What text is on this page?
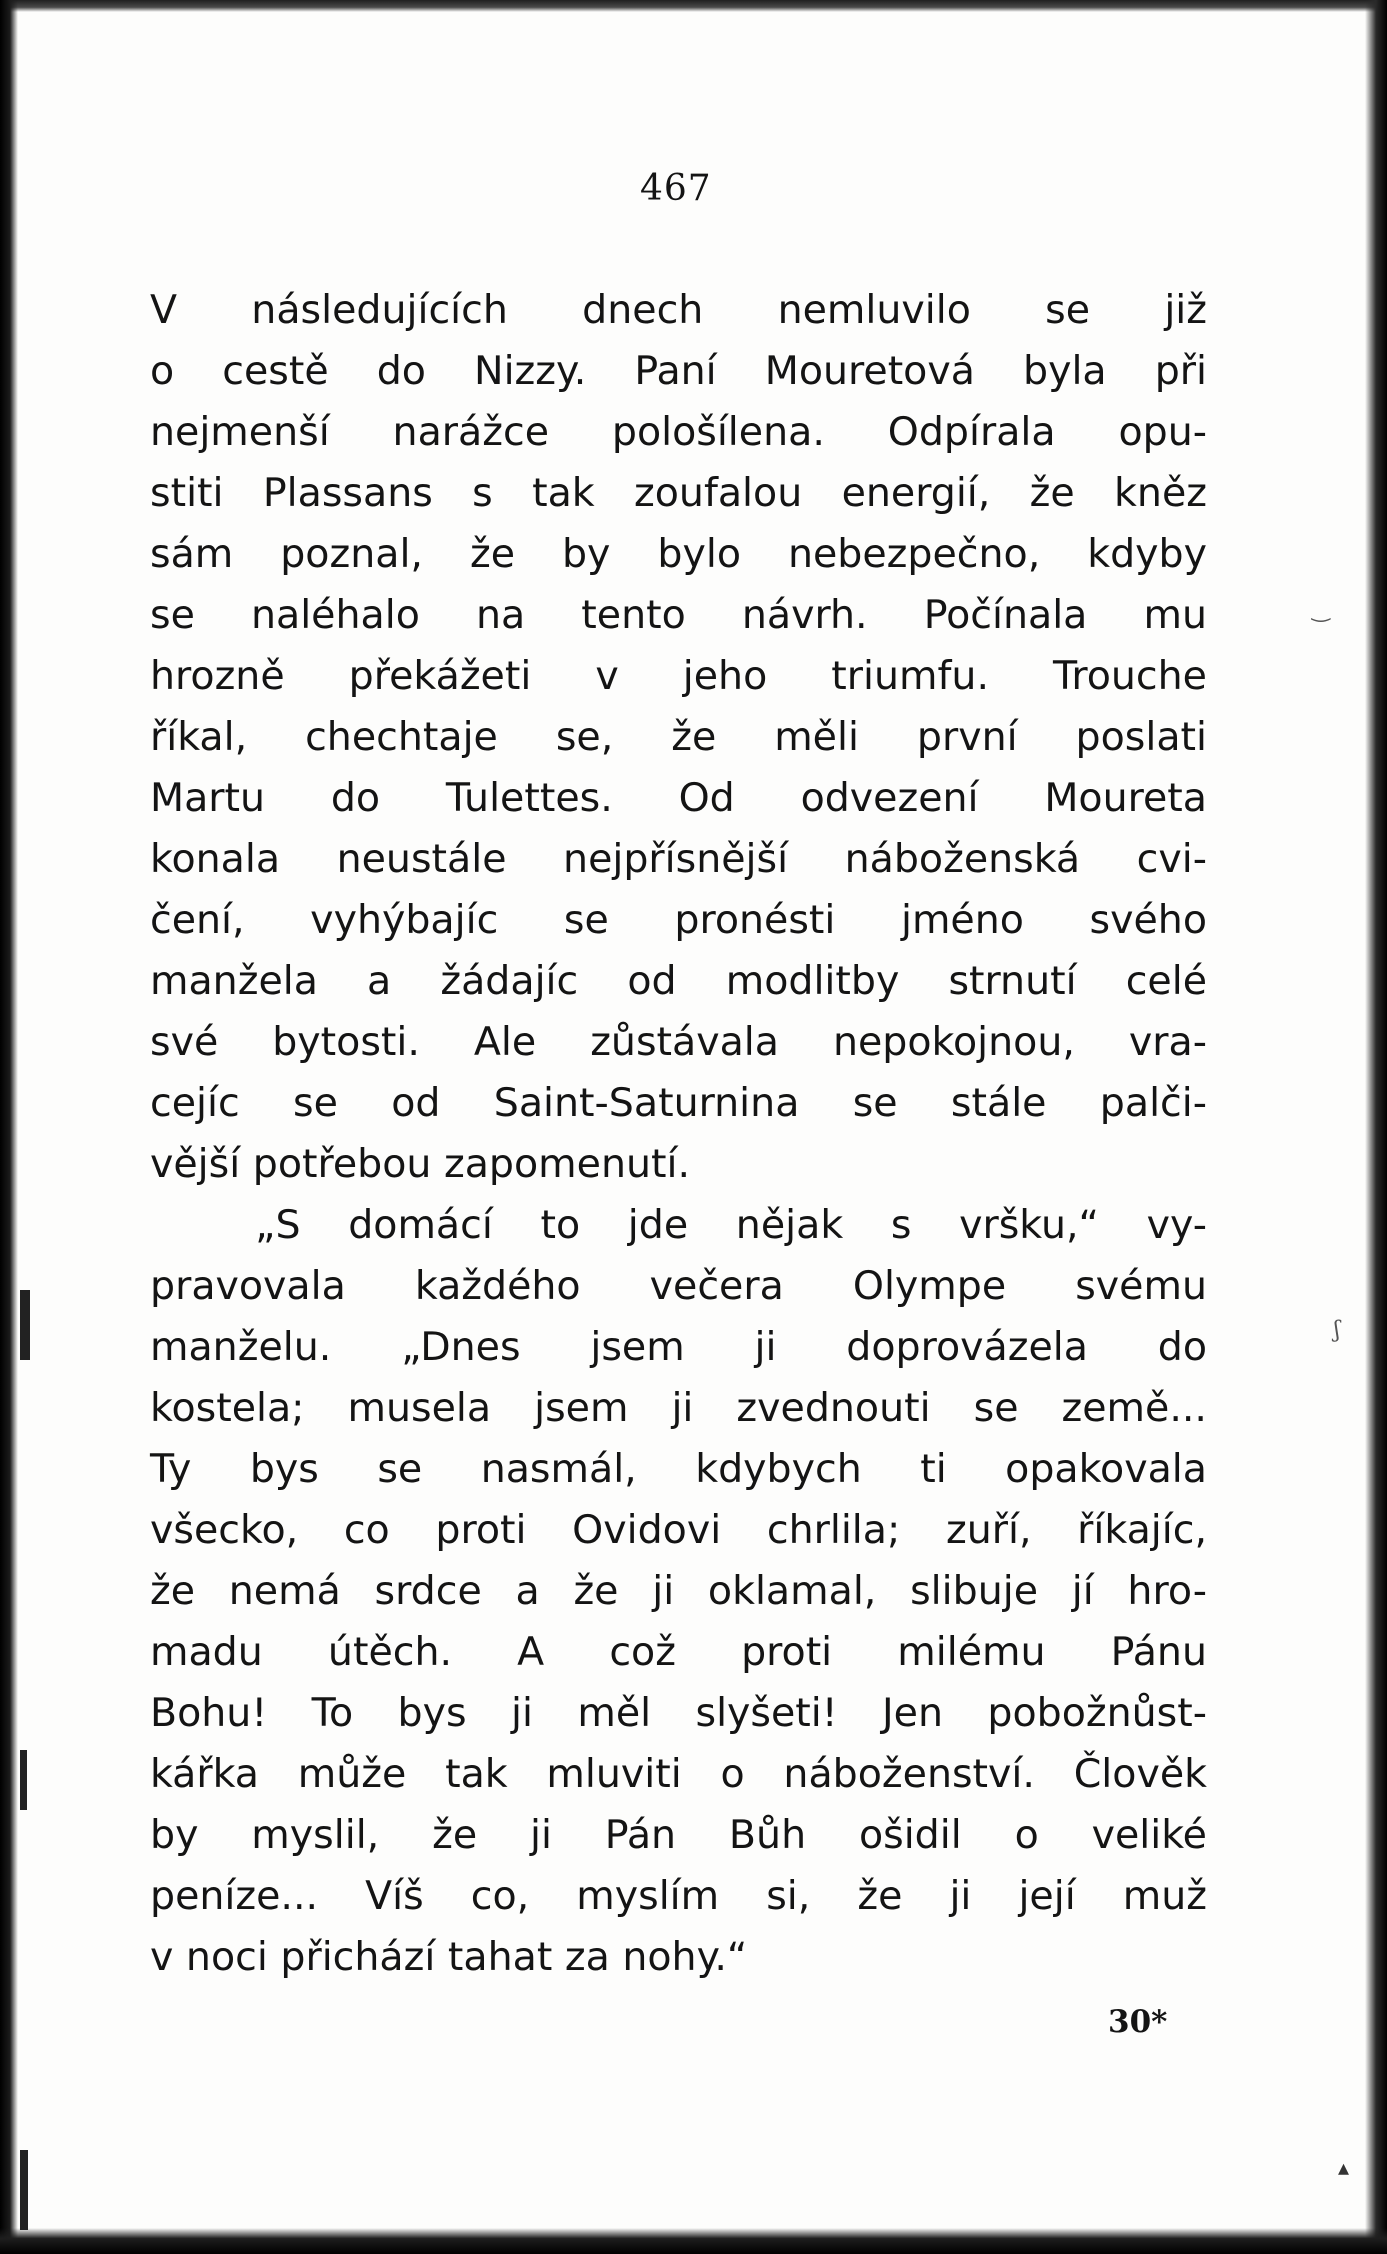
‿
ʃ
▴
467
V následujících dnech nemluvilo se již
o cestě do Nizzy. Paní Mouretová byla při
nejmenší narážce pološílena. Odpírala opu-
stiti Plassans s tak zoufalou energií, že kněz
sám poznal, že by bylo nebezpečno, kdyby
se naléhalo na tento návrh. Počínala mu
hrozně překážeti v jeho triumfu. Trouche
říkal, chechtaje se, že měli první poslati
Martu do Tulettes. Od odvezení Moureta
konala neustále nejpřísnější náboženská cvi-
čení, vyhýbajíc se pronésti jméno svého
manžela a žádajíc od modlitby strnutí celé
své bytosti. Ale zůstávala nepokojnou, vra-
cejíc se od Saint-Saturnina se stále palči-
vější potřebou zapomenutí.
„S domácí to jde nějak s vršku,“ vy-
pravovala každého večera Olympe svému
manželu. „Dnes jsem ji doprovázela do
kostela; musela jsem ji zvednouti se země...
Ty bys se nasmál, kdybych ti opakovala
všecko, co proti Ovidovi chrlila; zuří, říkajíc,
že nemá srdce a že ji oklamal, slibuje jí hro-
madu útěch. A což proti milému Pánu
Bohu! To bys ji měl slyšeti! Jen pobožnůst-
kářka může tak mluviti o náboženství. Člověk
by myslil, že ji Pán Bůh ošidil o veliké
peníze... Víš co, myslím si, že ji její muž
v noci přichází tahat za nohy.“
30*
